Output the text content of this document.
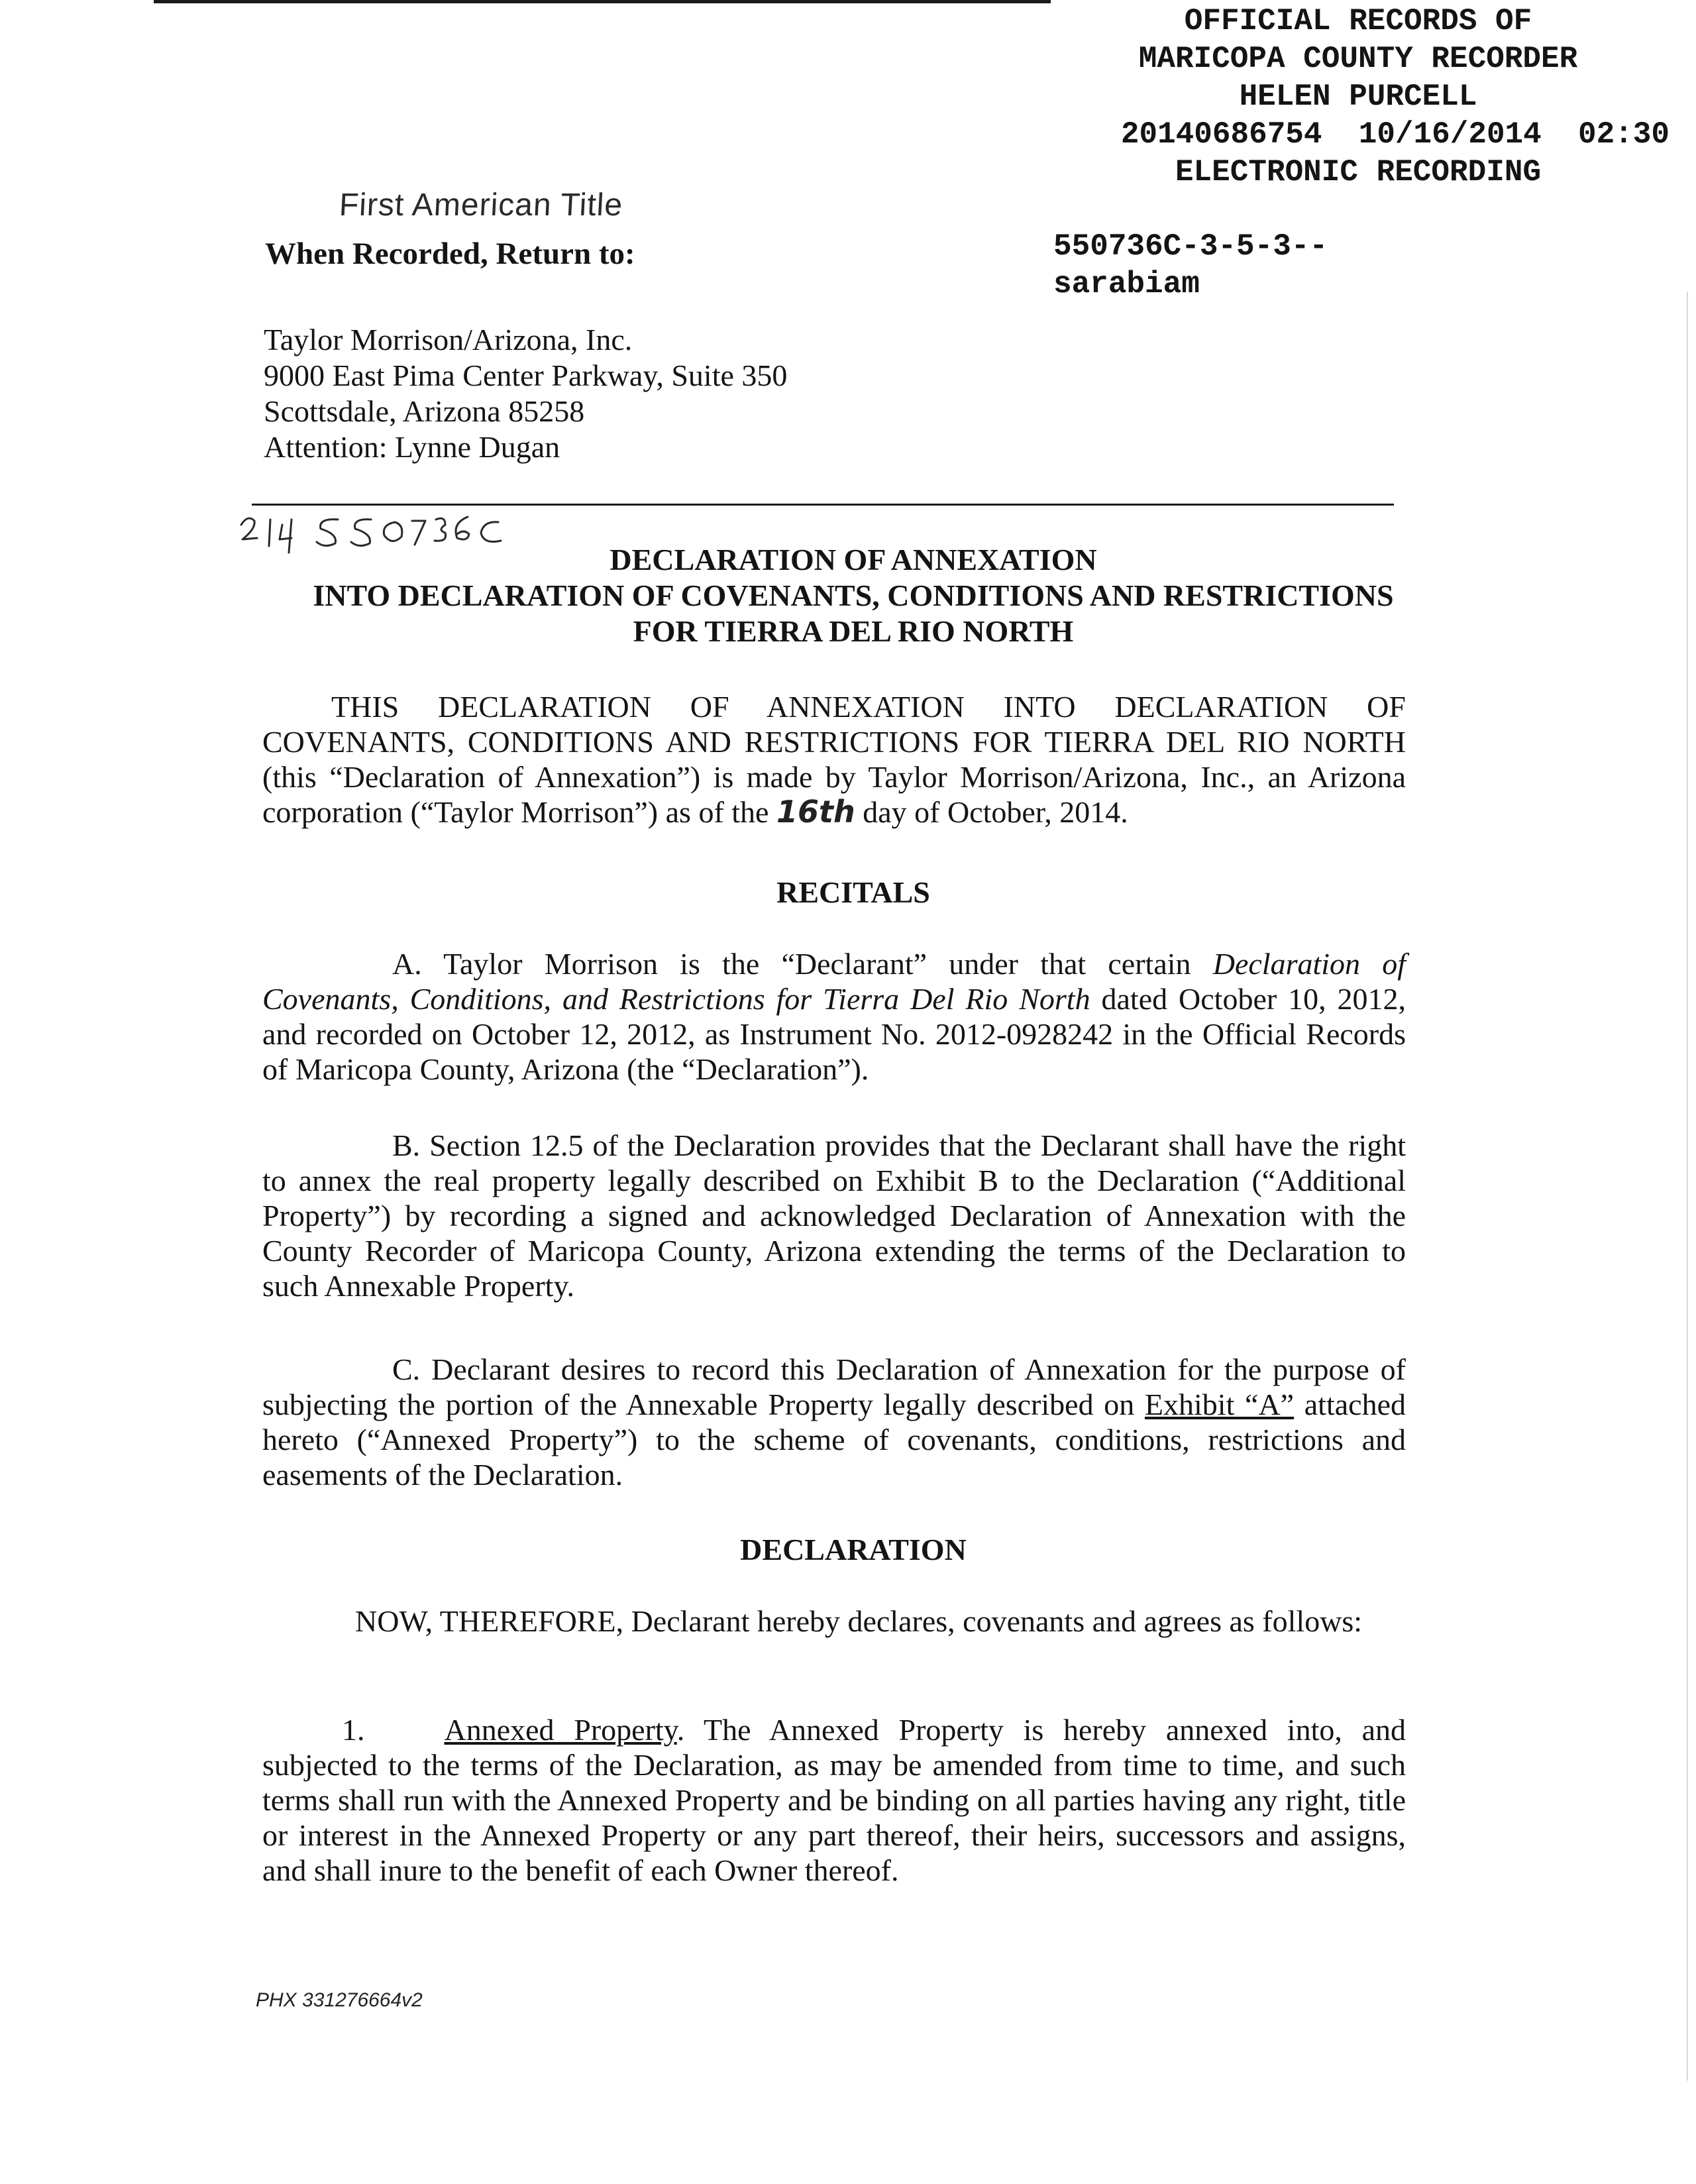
OFFICIAL RECORDS OF
MARICOPA COUNTY RECORDER
HELEN PURCELL
20140686754  10/16/2014  02:30
ELECTRONIC RECORDING
First American Title
When Recorded, Return to:	550736C-3-5-3--
sarabiam
Taylor Morrison/Arizona, Inc.
9000 East Pima Center Parkway, Suite 350
Scottsdale, Arizona 85258
Attention: Lynne Dugan
DECLARATION OF ANNEXATION
INTO DECLARATION OF COVENANTS, CONDITIONS AND RESTRICTIONS
FOR TIERRA DEL RIO NORTH
THIS DECLARATION OF ANNEXATION INTO DECLARATION OF COVENANTS, CONDITIONS AND RESTRICTIONS FOR TIERRA DEL RIO NORTH (this “Declaration of Annexation”) is made by Taylor Morrison/Arizona, Inc., an Arizona corporation (“Taylor Morrison”) as of the 16th day of October, 2014.
RECITALS
A. Taylor Morrison is the “Declarant” under that certain Declaration of Covenants, Conditions, and Restrictions for Tierra Del Rio North dated October 10, 2012, and recorded on October 12, 2012, as Instrument No. 2012-0928242 in the Official Records of Maricopa County, Arizona (the “Declaration”).
B. Section 12.5 of the Declaration provides that the Declarant shall have the right to annex the real property legally described on Exhibit B to the Declaration (“Additional Property”) by recording a signed and acknowledged Declaration of Annexation with the County Recorder of Maricopa County, Arizona extending the terms of the Declaration to such Annexable Property.
C. Declarant desires to record this Declaration of Annexation for the purpose of subjecting the portion of the Annexable Property legally described on Exhibit “A” attached hereto (“Annexed Property”) to the scheme of covenants, conditions, restrictions and easements of the Declaration.
DECLARATION
NOW, THEREFORE, Declarant hereby declares, covenants and agrees as follows:
1.	Annexed Property. The Annexed Property is hereby annexed into, and subjected to the terms of the Declaration, as may be amended from time to time, and such terms shall run with the Annexed Property and be binding on all parties having any right, title or interest in the Annexed Property or any part thereof, their heirs, successors and assigns, and shall inure to the benefit of each Owner thereof.
PHX 331276664v2
